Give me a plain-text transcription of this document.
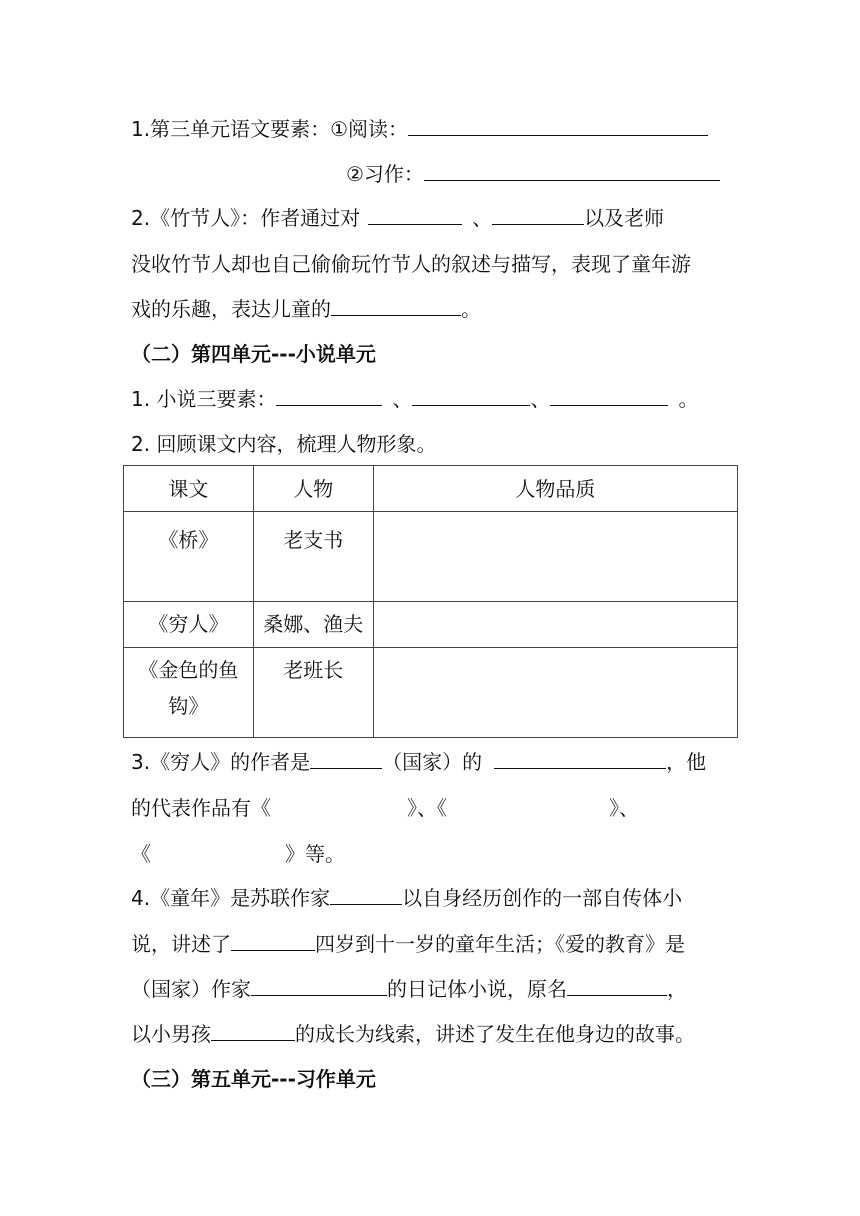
1.第三单元语文要素：①阅读：
②习作：
2.《竹节人》：作者通过对	、	以及老师
没收竹节人却也自己偷偷玩竹节人的叙述与描写，表现了童年游
戏的乐趣，表达儿童的	。
（二）第四单元---小说单元
1. 小说三要素：	、	、	。
2. 回顾课文内容，梳理人物形象。
课文	人物	人物品质
《桥》	老支书	
《穷人》	桑娜、渔夫	

《金色的鱼
钩》	老班长	
3.《穷人》的作者是	（国家）的	，他
的代表作品有《	》、《	》、
《	》等。
4.《童年》是苏联作家	以自身经历创作的一部自传体小
说，讲述了	四岁到十一岁的童年生活；《爱的教育》是
（国家）作家	的日记体小说，原名	，
以小男孩	的成长为线索，讲述了发生在他身边的故事。
（三）第五单元---习作单元
